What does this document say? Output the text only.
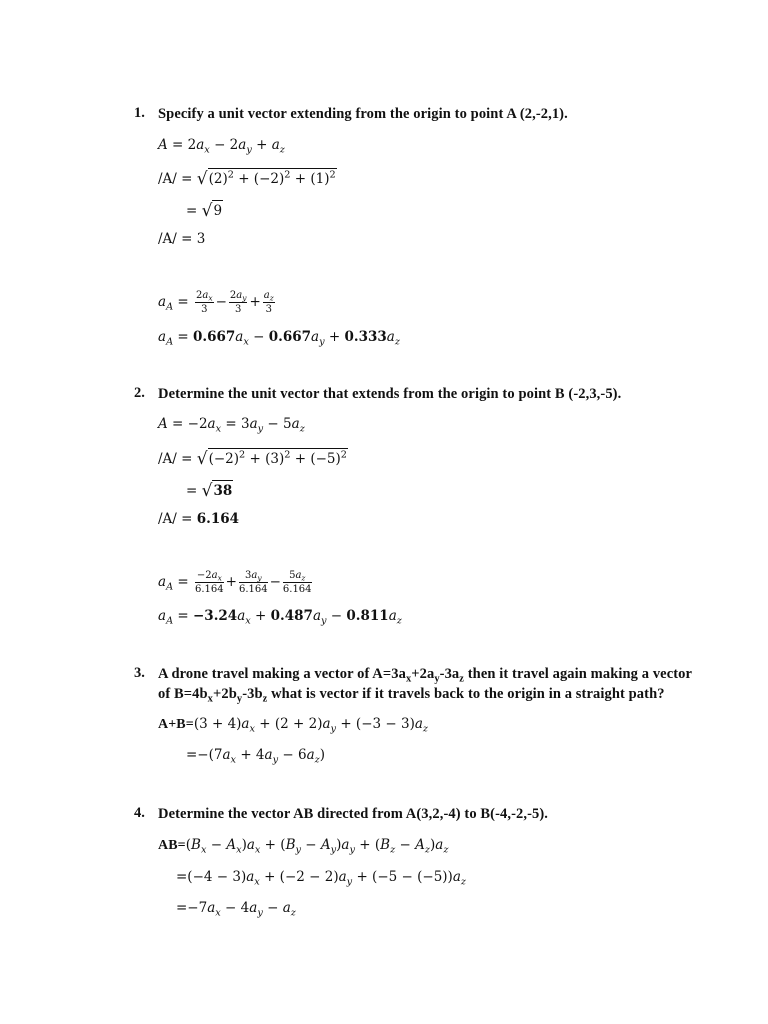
1. Specify a unit vector extending from the origin to point A (2,-2,1).
$A = 2a_x - 2a_y + a_z$
$/A/ = √(2)^2 + (-2)^2 + (1)^2$
= √9
/A/ = 3
$a_A = \frac{2a_x}{3} - \frac{2a_y}{3} + \frac{a_z}{3}$
$a_A = 0.667a_x - 0.667a_y + 0.333a_z$
2. Determine the unit vector that extends from the origin to point B (-2,3,-5).
$A = -2a_x = 3a_y - 5a_z$
$/A/ = √(-2)^2 + (3)^2 + (-5)^2$
= √38
/A/ = 6.164
$a_A = \frac{-2a_x}{6.164} + \frac{3a_y}{6.164} - \frac{5a_z}{6.164}$
$a_A = -3.24a_x + 0.487a_y - 0.811a_z$
3. A drone travel making a vector of $A=3a_x+2a_y-3a_z$ then it travel again making a vector
of $B=4b_x+2b_y-3b_z$ what is vector if it travels back to the origin in a straight path?
$A+B=(3 + 4)a_x + (2 + 2)a_y + (-3 - 3)a_z$
$=-(7a_x + 4a_y - 6a_z)$
4. Determine the vector AB directed from A(3,2,-4) to B(-4,-2,-5).
$AB=(B_x - A_x)a_x + (B_y - A_y)a_y + (B_z - A_z)a_z$
$=(-4 - 3)a_x + (-2 - 2)a_y + (-5 - (-5))a_z$
$=-7a_x - 4a_y - a_z$
